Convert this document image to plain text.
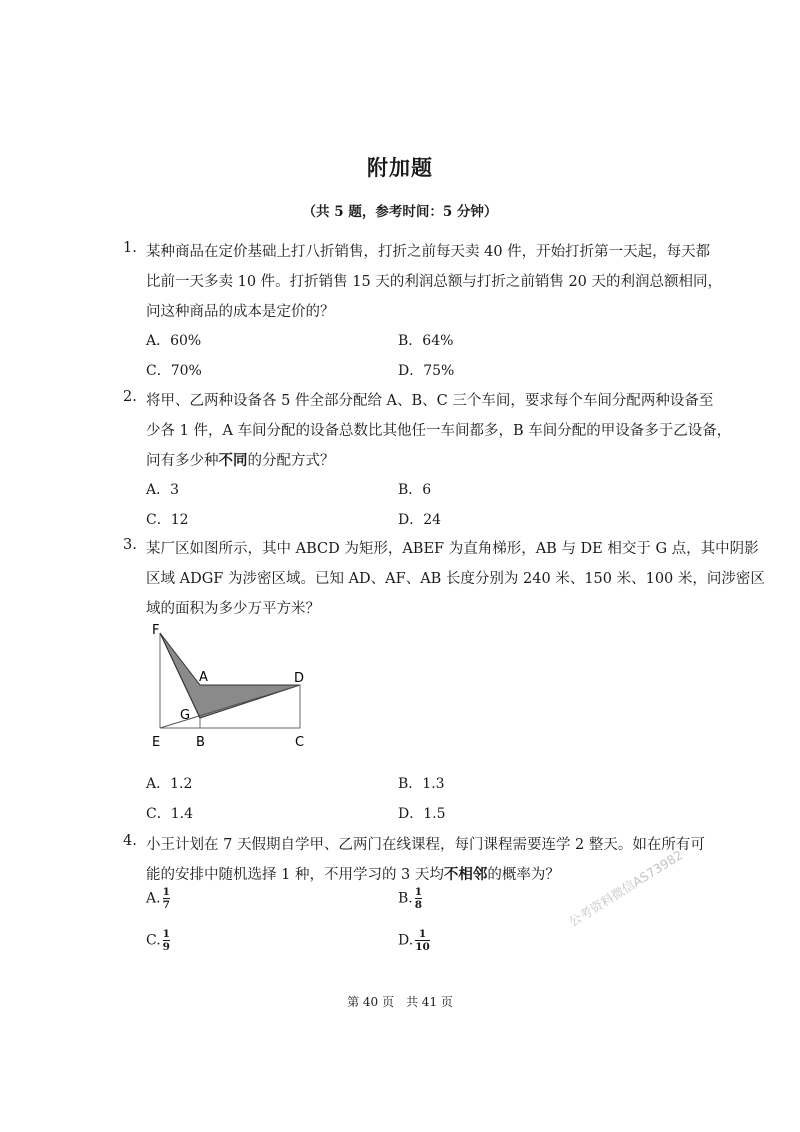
附加题
（共 5 题，参考时间：5 分钟）
1. 某种商品在定价基础上打八折销售，打折之前每天卖 40 件，开始打折第一天起，每天都
比前一天多卖 10 件。打折销售 15 天的利润总额与打折之前销售 20 天的利润总额相同，
问这种商品的成本是定价的？
A．60%	B．64%
C．70%	D．75%
2. 将甲、乙两种设备各 5 件全部分配给 A、B、C 三个车间，要求每个车间分配两种设备至
少各 1 件，A 车间分配的设备总数比其他任一车间都多，B 车间分配的甲设备多于乙设备，
问有多少种不同的分配方式？
A．3	B．6
C．12	D．24
3. 某厂区如图所示，其中 ABCD 为矩形，ABEF 为直角梯形，AB 与 DE 相交于 G 点，其中阴影
区域 ADGF 为涉密区域。已知 AD、AF、AB 长度分别为 240 米、150 米、100 米，问涉密区
域的面积为多少万平方米？
F
A	D
G
E	B	C
A．1.2	B．1.3
C．1.4	D．1.5
4. 小王计划在 7 天假期自学甲、乙两门在线课程，每门课程需要连学 2 整天。如在所有可
能的安排中随机选择 1 种，不用学习的 3 天均不相邻的概率为？
A. $\frac{1}{7}$	B. $\frac{1}{8}$
C. $\frac{1}{9}$	D. $\frac{1}{10}$
公考资料微信AS73982
第 40 页　共 41 页
